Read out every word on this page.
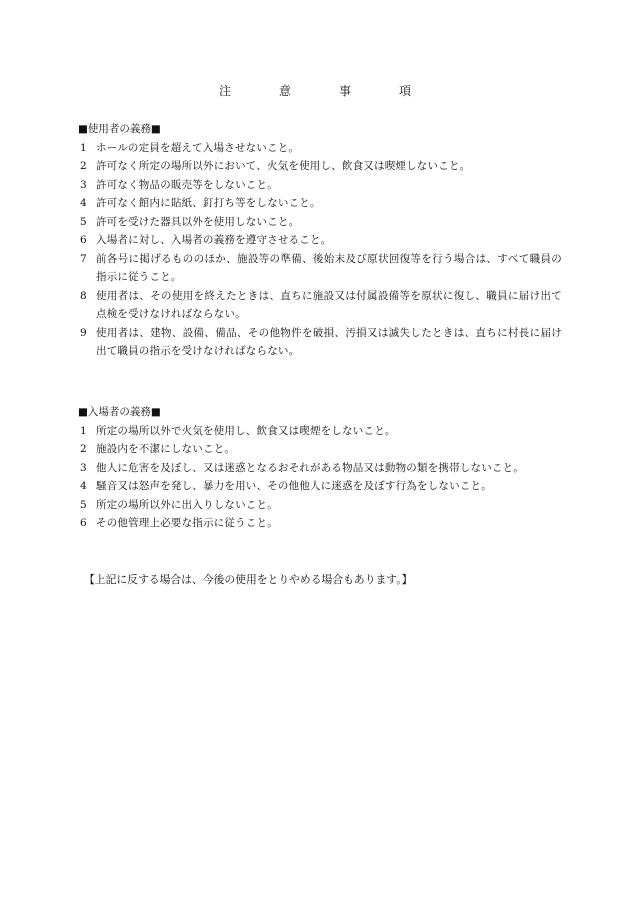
注	意	事	項
■使用者の義務■
1 ホールの定員を超えて入場させないこと。
2 許可なく所定の場所以外において、火気を使用し、飲食又は喫煙しないこと。
3 許可なく物品の販売等をしないこと。
4 許可なく館内に貼紙、釘打ち等をしないこと。
5 許可を受けた器具以外を使用しないこと。
6 入場者に対し、入場者の義務を遵守させること。
7 前各号に掲げるもののほか、施設等の準備、後始末及び原状回復等を行う場合は、すべて職員の指示に従うこと。
8 使用者は、その使用を終えたときは、直ちに施設又は付属設備等を原状に復し、職員に届け出て点検を受けなければならない。
9 使用者は、建物、設備、備品、その他物件を破損、汚損又は滅失したときは、直ちに村長に届け出て職員の指示を受けなければならない。
■入場者の義務■
1 所定の場所以外で火気を使用し、飲食又は喫煙をしないこと。
2 施設内を不潔にしないこと。
3 他人に危害を及ぼし、又は迷惑となるおそれがある物品又は動物の類を携帯しないこと。
4 騒音又は怒声を発し、暴力を用い、その他他人に迷惑を及ぼす行為をしないこと。
5 所定の場所以外に出入りしないこと。
6 その他管理上必要な指示に従うこと。
【上記に反する場合は、今後の使用をとりやめる場合もあります。】
